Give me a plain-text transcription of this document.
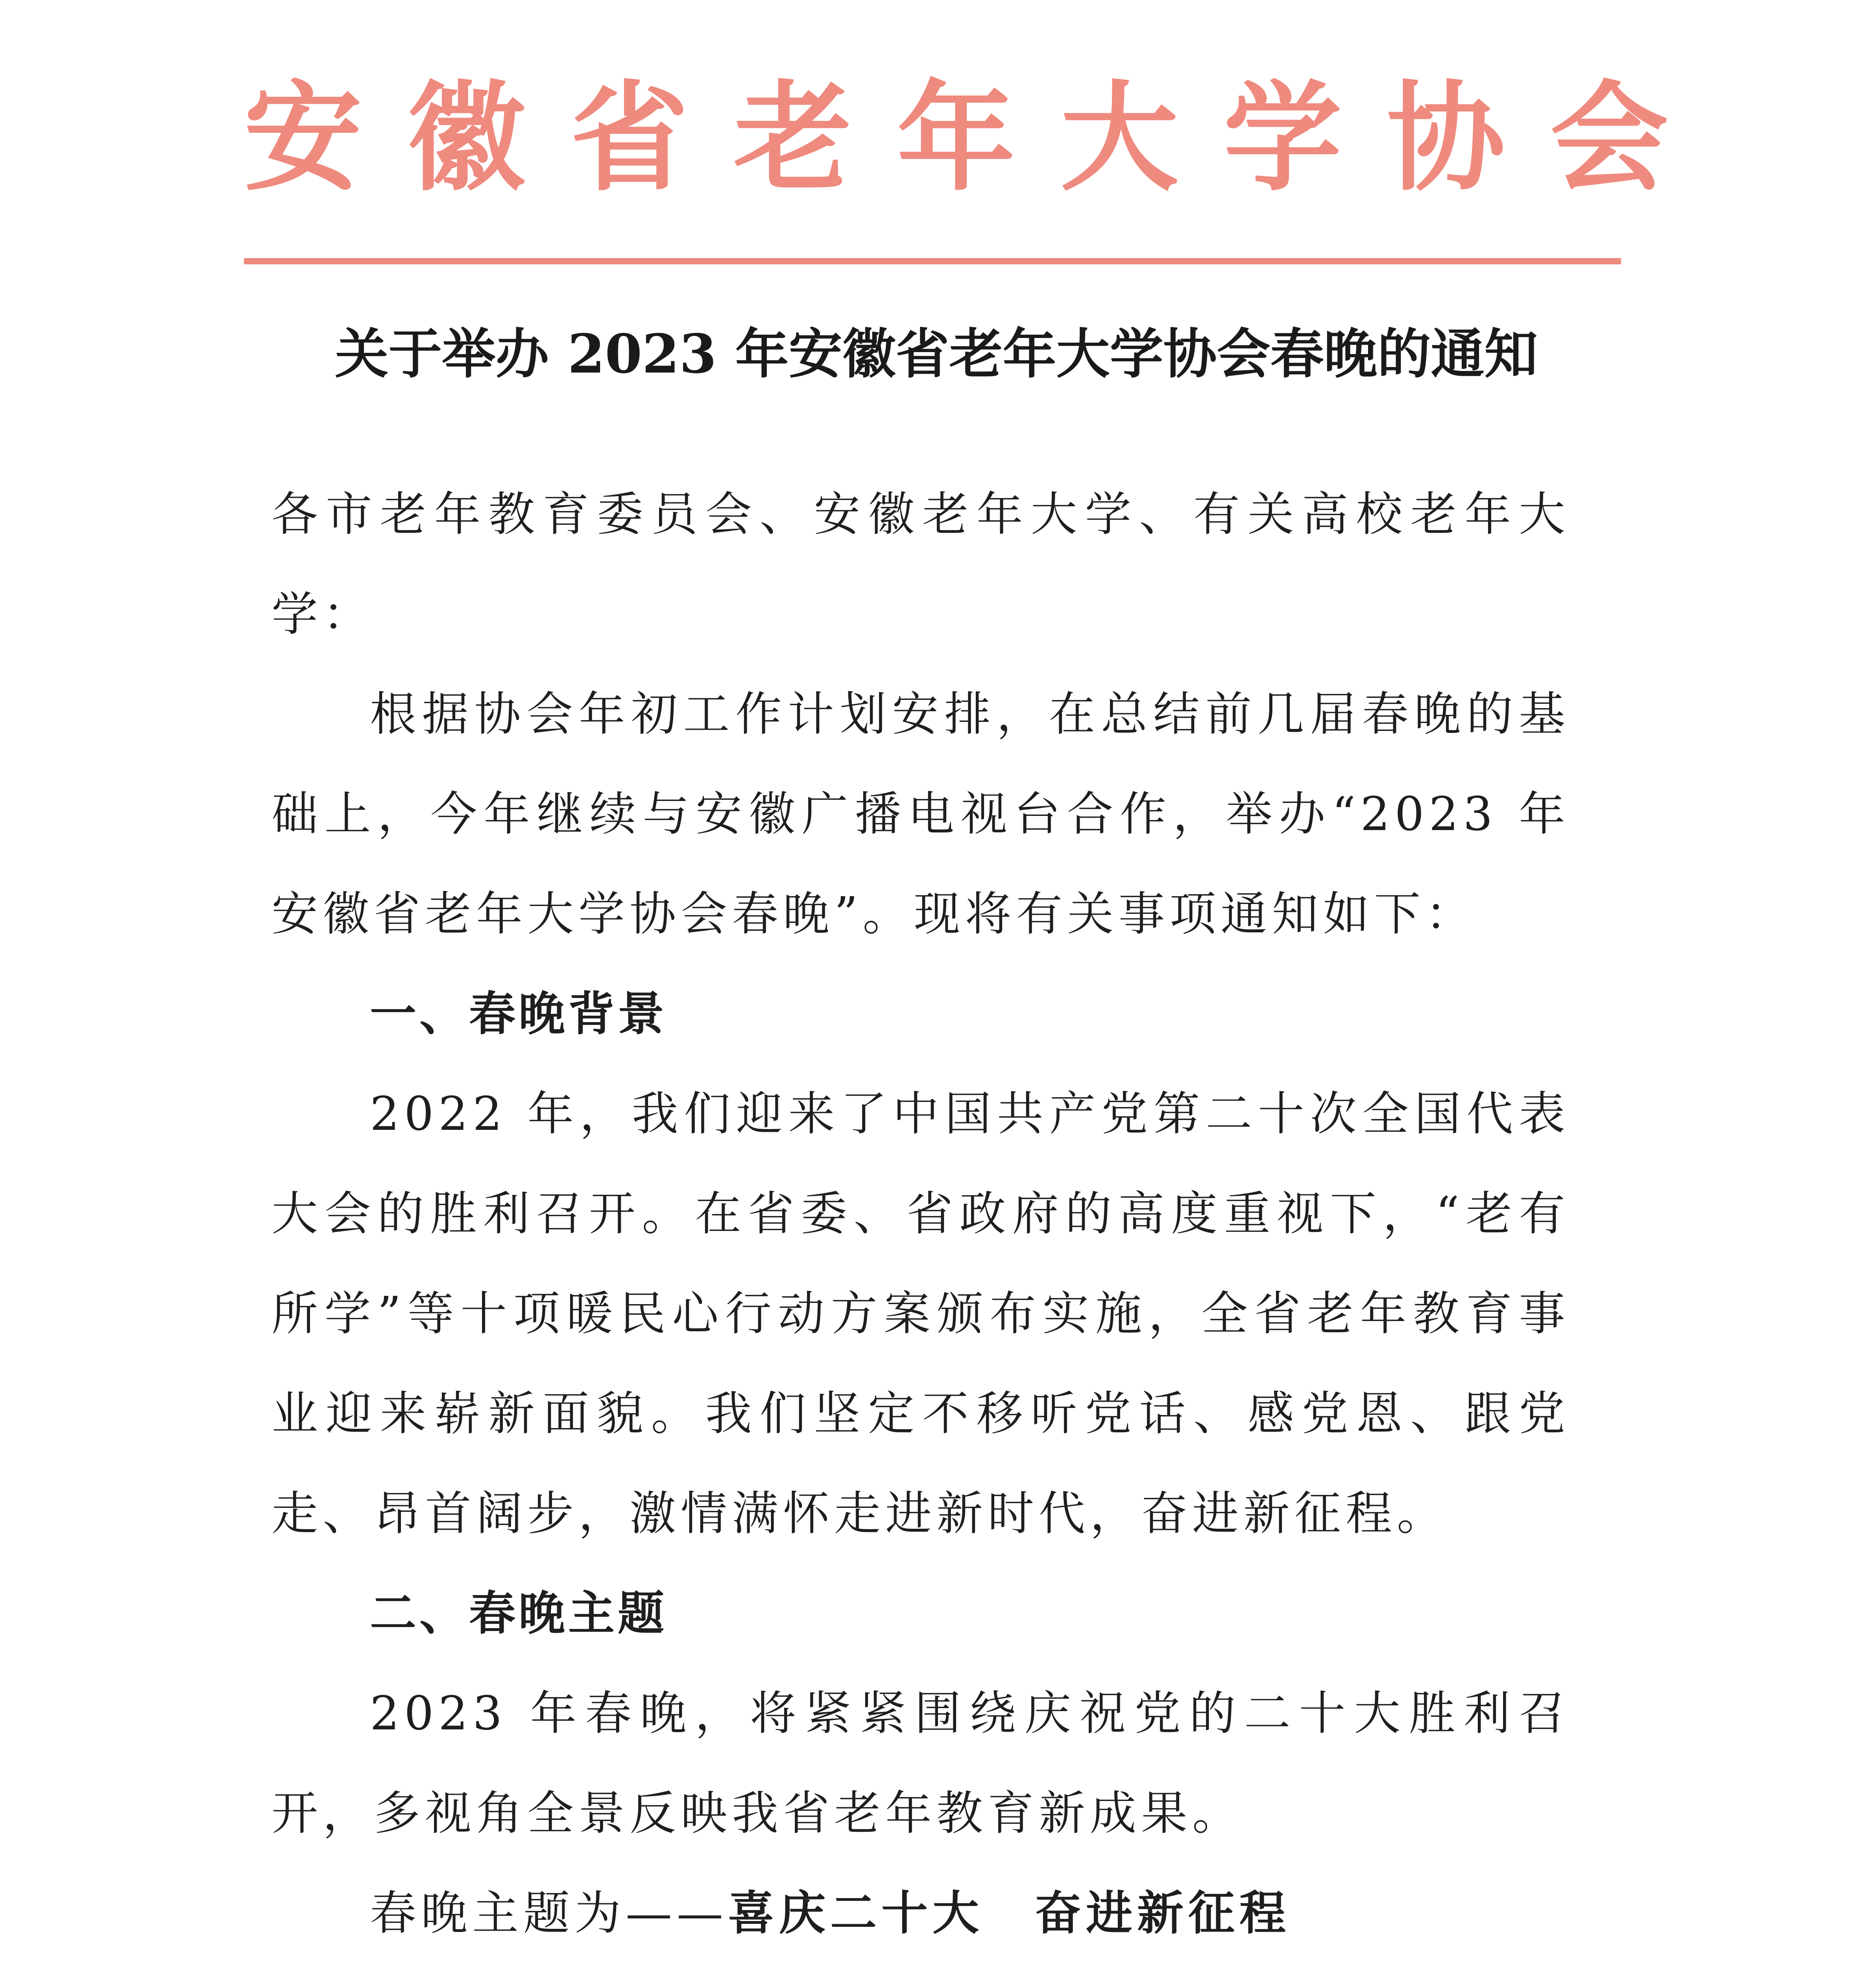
安徽省老年大学协会
关于举办 2023 年安徽省老年大学协会春晚的通知

各市老年教育委员会、安徽老年大学、有关高校老年大学：

根据协会年初工作计划安排，在总结前几届春晚的基础上，今年继续与安徽广播电视台合作，举办“2023 年安徽省老年大学协会春晚”。现将有关事项通知如下：

一、春晚背景

2022 年，我们迎来了中国共产党第二十次全国代表大会的胜利召开。在省委、省政府的高度重视下，“老有所学”等十项暖民心行动方案颁布实施，全省老年教育事业迎来崭新面貌。我们坚定不移听党话、感党恩、跟党走、昂首阔步，激情满怀走进新时代，奋进新征程。

二、春晚主题

2023 年春晚，将紧紧围绕庆祝党的二十大胜利召开，多视角全景反映我省老年教育新成果。

春晚主题为——喜庆二十大　奋进新征程
